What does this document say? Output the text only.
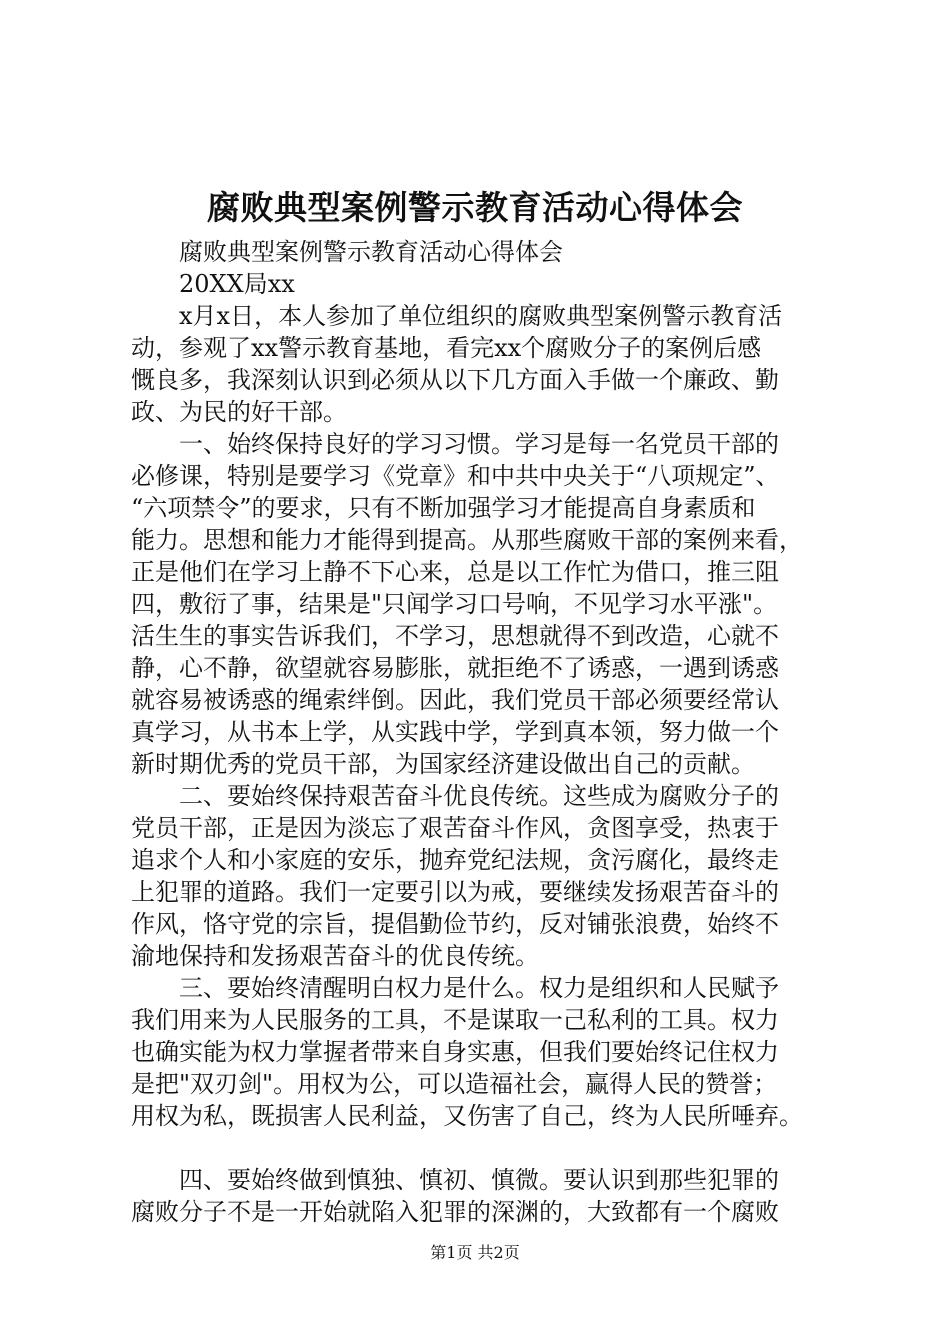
腐败典型案例警示教育活动心得体会
腐败典型案例警示教育活动心得体会
20XX局xx
x月x日，本人参加了单位组织的腐败典型案例警示教育活
动，参观了xx警示教育基地，看完xx个腐败分子的案例后感
慨良多，我深刻认识到必须从以下几方面入手做一个廉政、勤
政、为民的好干部。
一、始终保持良好的学习习惯。学习是每一名党员干部的
必修课，特别是要学习《党章》和中共中央关于“八项规定”、
“六项禁令”的要求，只有不断加强学习才能提高自身素质和
能力。思想和能力才能得到提高。从那些腐败干部的案例来看，
正是他们在学习上静不下心来，总是以工作忙为借口，推三阻
四，敷衍了事，结果是"只闻学习口号响，不见学习水平涨"。
活生生的事实告诉我们，不学习，思想就得不到改造，心就不
静，心不静，欲望就容易膨胀，就拒绝不了诱惑，一遇到诱惑
就容易被诱惑的绳索绊倒。因此，我们党员干部必须要经常认
真学习，从书本上学，从实践中学，学到真本领，努力做一个
新时期优秀的党员干部，为国家经济建设做出自己的贡献。
二、要始终保持艰苦奋斗优良传统。这些成为腐败分子的
党员干部，正是因为淡忘了艰苦奋斗作风，贪图享受，热衷于
追求个人和小家庭的安乐，抛弃党纪法规，贪污腐化，最终走
上犯罪的道路。我们一定要引以为戒，要继续发扬艰苦奋斗的
作风，恪守党的宗旨，提倡勤俭节约，反对铺张浪费，始终不
渝地保持和发扬艰苦奋斗的优良传统。
三、要始终清醒明白权力是什么。权力是组织和人民赋予
我们用来为人民服务的工具，不是谋取一己私利的工具。权力
也确实能为权力掌握者带来自身实惠，但我们要始终记住权力
是把"双刃剑"。用权为公，可以造福社会，赢得人民的赞誉；
用权为私，既损害人民利益，又伤害了自己，终为人民所唾弃。
四、要始终做到慎独、慎初、慎微。要认识到那些犯罪的
腐败分子不是一开始就陷入犯罪的深渊的，大致都有一个腐败
第1页 共2页
